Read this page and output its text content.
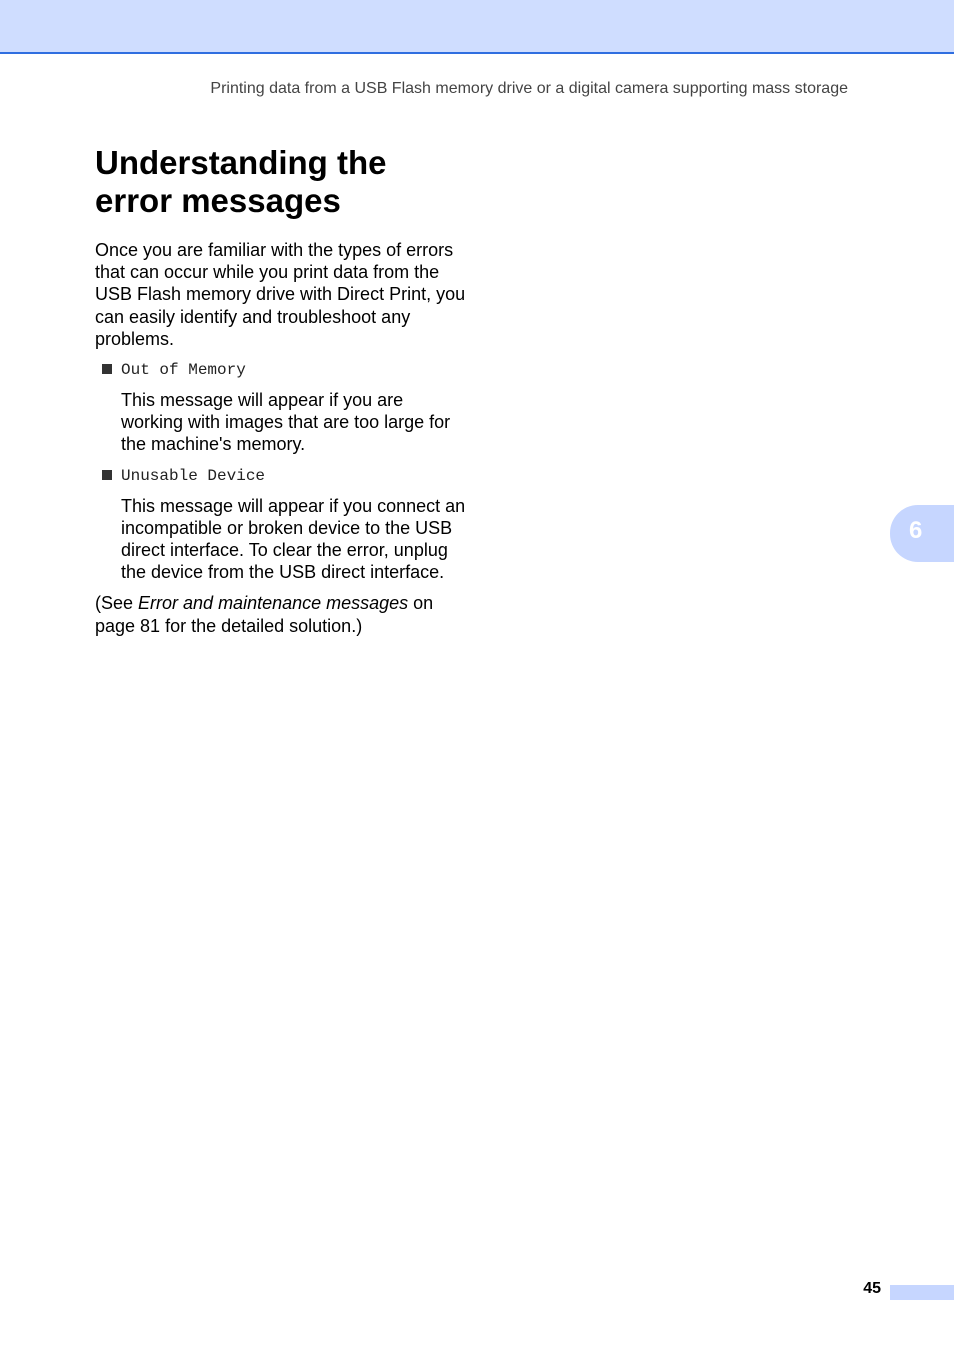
Printing data from a USB Flash memory drive or a digital camera supporting mass storage
Understanding the
error messages

Once you are familiar with the types of errors that can occur while you print data from the USB Flash memory drive with Direct Print, you can easily identify and troubleshoot any problems.

Out of Memory

This message will appear if you are working with images that are too large for the machine's memory.

Unusable Device

This message will appear if you connect an incompatible or broken device to the USB direct interface. To clear the error, unplug the device from the USB direct interface.

(See Error and maintenance messages on page 81 for the detailed solution.)

6
45
